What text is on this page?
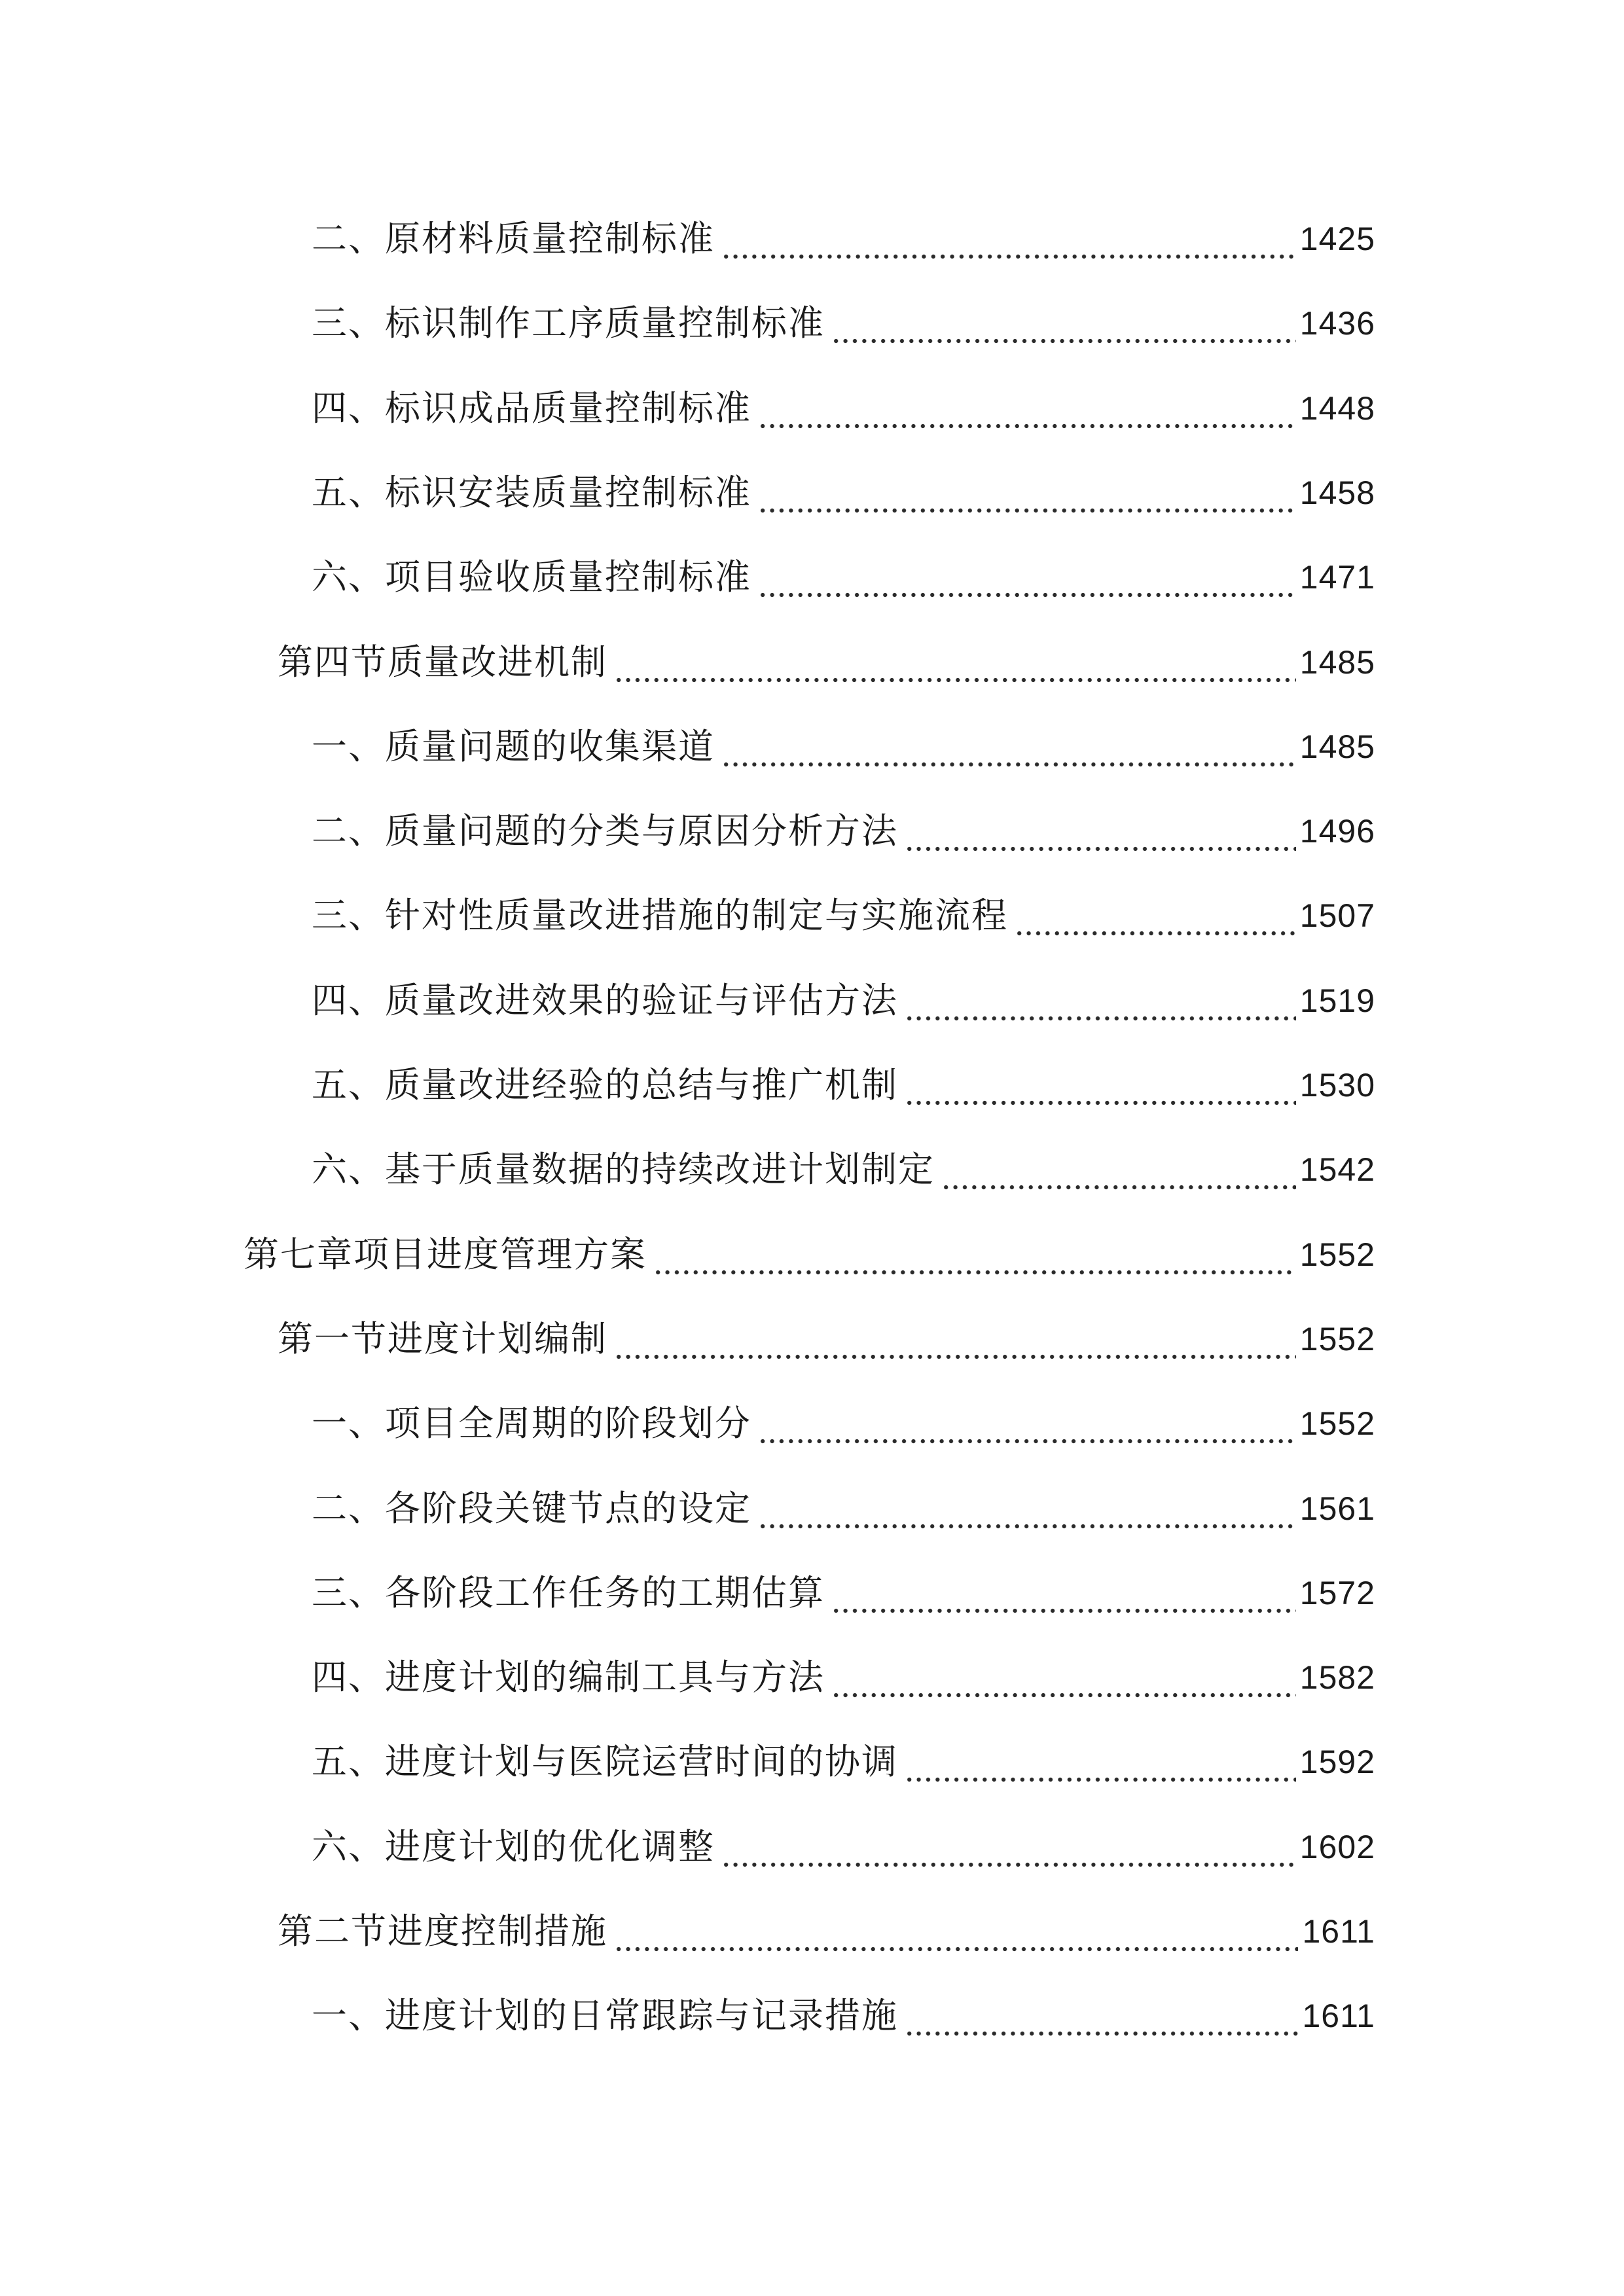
二、原材料质量控制标准	1425
三、标识制作工序质量控制标准	1436
四、标识成品质量控制标准	1448
五、标识安装质量控制标准	1458
六、项目验收质量控制标准	1471
第四节质量改进机制	1485
一、质量问题的收集渠道	1485
二、质量问题的分类与原因分析方法	1496
三、针对性质量改进措施的制定与实施流程	1507
四、质量改进效果的验证与评估方法	1519
五、质量改进经验的总结与推广机制	1530
六、基于质量数据的持续改进计划制定	1542
第七章项目进度管理方案	1552
第一节进度计划编制	1552
一、项目全周期的阶段划分	1552
二、各阶段关键节点的设定	1561
三、各阶段工作任务的工期估算	1572
四、进度计划的编制工具与方法	1582
五、进度计划与医院运营时间的协调	1592
六、进度计划的优化调整	1602
第二节进度控制措施	1611
一、进度计划的日常跟踪与记录措施	1611
